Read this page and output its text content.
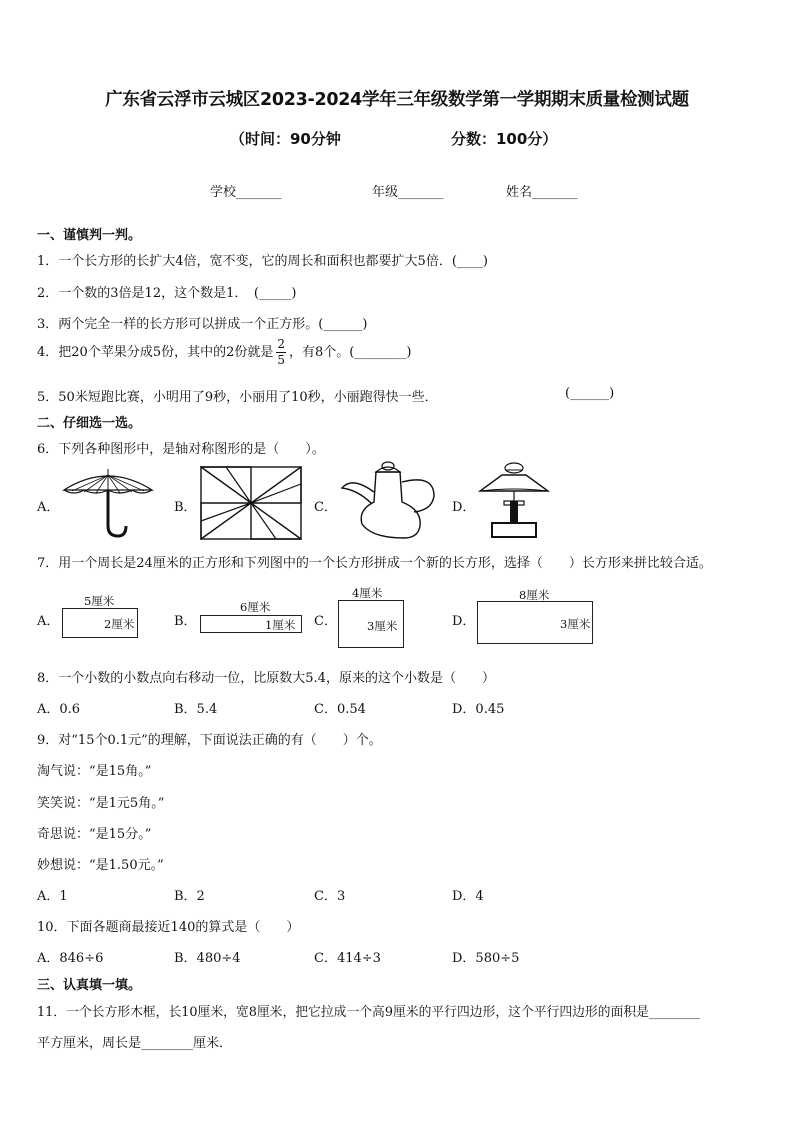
广东省云浮市云城区2023-2024学年三年级数学第一学期期末质量检测试题
（时间：90分钟	分数：100分）
学校_______	年级_______	姓名_______
一、谨慎判一判。
1．一个长方形的长扩大4倍，宽不变，它的周长和面积也都要扩大5倍．(____)
2．一个数的3倍是12，这个数是1．　(_____)
3．两个完全一样的长方形可以拼成一个正方形。(______)
4．把20个苹果分成5份，其中的2份就是 $\frac{2}{5}$ ，有8个。(________)
5．50米短跑比赛，小明用了9秒，小丽用了10秒，小丽跑得快一些．	(______)
二、仔细选一选。
6．下列各种图形中，是轴对称图形的是（　　）。
A．	B．	C．	D．
7．用一个周长是24厘米的正方形和下列图中的一个长方形拼成一个新的长方形，选择（　　）长方形来拼比较合适。
A．
5厘米
2厘米	B．
6厘米
1厘米 C．
4厘米
3厘米	D．
8厘米
3厘米
8．一个小数的小数点向右移动一位，比原数大5.4，原来的这个小数是（　　）
A．0.6	B．5.4	C．0.54	D．0.45
9．对“15个0.1元”的理解，下面说法正确的有（　　）个。
淘气说：“是15角。”
笑笑说：“是1元5角。”
奇思说：“是15分。”
妙想说：“是1.50元。”
A．1	B．2	C．3	D．4
10．下面各题商最接近140的算式是（　　）
A．846÷6	B．480÷4	C．414÷3	D．580÷5
三、认真填一填。
11．一个长方形木框，长10厘米，宽8厘米，把它拉成一个高9厘米的平行四边形，这个平行四边形的面积是________
平方厘米，周长是________厘米．
